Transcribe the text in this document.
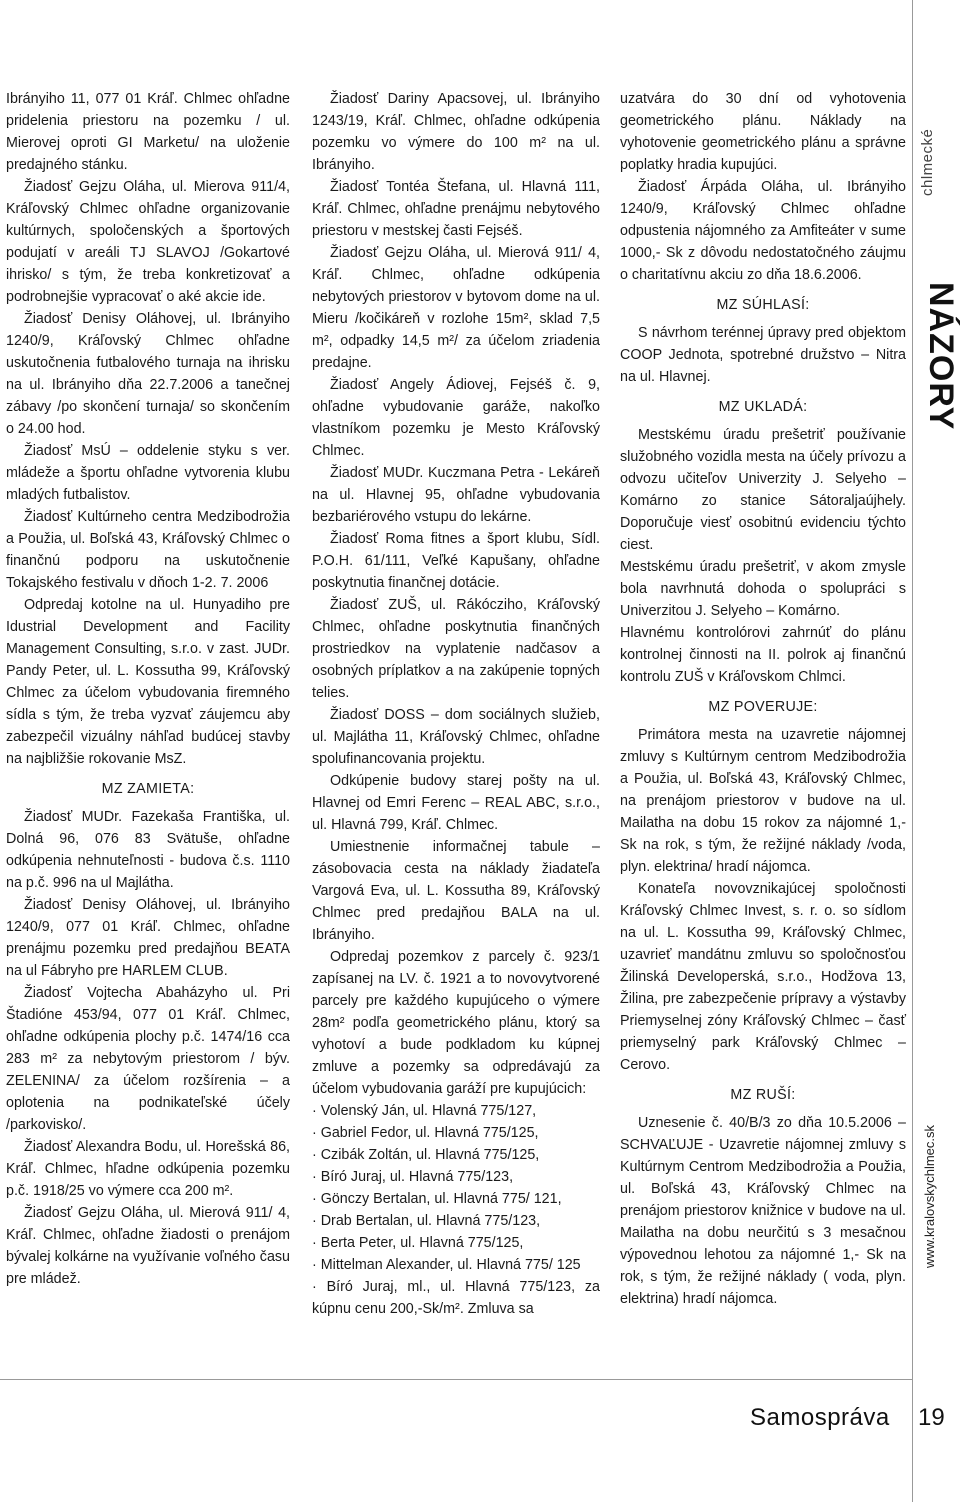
Ibrányiho 11, 077 01 Kráľ. Chlmec ohľadne pridelenia priestoru na pozemku / ul. Mierovej oproti GI Marketu/ na uloženie predajného stánku.

Žiadosť Gejzu Oláha, ul. Mierova 911/4, Kráľovský Chlmec ohľadne organizovanie kultúrnych, spoločenských a športových podujatí v areáli TJ SLAVOJ /Gokartové ihrisko/ s tým, že treba konkretizovať a podrobnejšie vypracovať o aké akcie ide.

Žiadosť Denisy Oláhovej, ul. Ibrányiho 1240/9, Kráľovský Chlmec ohľadne uskutočnenia futbalového turnaja na ihrisku na ul. Ibrányiho dňa 22.7.2006 a tanečnej zábavy /po skončení turnaja/ so skončením o 24.00 hod.

Žiadosť MsÚ – oddelenie styku s ver. mládeže a športu ohľadne vytvorenia klubu mladých futbalistov.

Žiadosť Kultúrneho centra Medzibodrožia a Použia, ul. Boľská 43, Kráľovský Chlmec o finančnú podporu na uskutočnenie Tokajského festivalu v dňoch 1-2. 7. 2006

Odpredaj kotolne na ul. Hunyadiho pre Idustrial Development and Facility Management Consulting, s.r.o. v zast. JUDr. Pandy Peter, ul. L. Kossutha 99, Kráľovský Chlmec za účelom vybudovania firemného sídla s tým, že treba vyzvať záujemcu aby zabezpečil vizuálny náhľad budúcej stavby na najbližšie rokovanie MsZ.

MZ ZAMIETA:

Žiadosť MUDr. Fazekaša Františka, ul. Dolná 96, 076 83 Svätuše, ohľadne odkúpenia nehnuteľnosti - budova č.s. 1110 na p.č. 996 na ul Majlátha.

Žiadosť Denisy Oláhovej, ul. Ibrányiho 1240/9, 077 01 Kráľ. Chlmec, ohľadne prenájmu pozemku pred predajňou BEATA na ul Fábryho pre HARLEM CLUB.

Žiadosť Vojtecha Abaházyho ul. Pri Štadióne 453/94, 077 01 Kráľ. Chlmec, ohľadne odkúpenia plochy p.č. 1474/16 cca 283 m² za nebytovým priestorom / býv. ZELENINA/ za účelom rozšírenia – a oplotenia na podnikateľské účely /parkovisko/.

Žiadosť Alexandra Bodu, ul. Horešská 86, Kráľ. Chlmec, hľadne odkúpenia pozemku p.č. 1918/25 vo výmere cca 200 m².

Žiadosť Gejzu Oláha, ul. Mierová 911/ 4, Kráľ. Chlmec, ohľadne žiadosti o prenájom bývalej kolkárne na využívanie voľného času pre mládež.

Žiadosť Dariny Apacsovej, ul. Ibrányiho 1243/19, Kráľ. Chlmec, ohľadne odkúpenia pozemku vo výmere do 100 m² na ul. Ibrányiho.

Žiadosť Tontéa Štefana, ul. Hlavná 111, Kráľ. Chlmec, ohľadne prenájmu nebytového priestoru v mestskej časti Fejséš.

Žiadosť Gejzu Oláha, ul. Mierová 911/ 4, Kráľ. Chlmec, ohľadne odkúpenia nebytových priestorov v bytovom dome na ul. Mieru /kočikáreň v rozlohe 15m², sklad 7,5 m², odpadky 14,5 m²/ za účelom zriadenia predajne.

Žiadosť Angely Ádiovej, Fejséš č. 9, ohľadne vybudovanie garáže, nakoľko vlastníkom pozemku je Mesto Kráľovský Chlmec.

Žiadosť MUDr. Kuczmana Petra - Lekáreň na ul. Hlavnej 95, ohľadne vybudovania bezbariérového vstupu do lekárne.

Žiadosť Roma fitnes a šport klubu, Sídl. P.O.H. 61/111, Veľké Kapušany, ohľadne poskytnutia finančnej dotácie.

Žiadosť ZUŠ, ul. Rákócziho, Kráľovský Chlmec, ohľadne poskytnutia finančných prostriedkov na vyplatenie nadčasov a osobných príplatkov a na zakúpenie topných telies.

Žiadosť DOSS – dom sociálnych služieb, ul. Majlátha 11, Kráľovský Chlmec, ohľadne spolufinancovania projektu.

Odkúpenie budovy starej pošty na ul. Hlavnej od Emri Ferenc – REAL ABC, s.r.o., ul. Hlavná 799, Kráľ. Chlmec.

Umiestnenie informačnej tabule – zásobovacia cesta na náklady žiadateľa Vargová Eva, ul. L. Kossutha 89, Kráľovský Chlmec pred predajňou BALA na ul. Ibrányiho.

Odpredaj pozemkov z parcely č. 923/1 zapísanej na LV. č. 1921 a to novovytvorené parcely pre každého kupujúceho o výmere 28m² podľa geometrického plánu, ktorý sa vyhotoví a bude podkladom ku kúpnej zmluve a pozemky sa odpredávajú za účelom vybudovania garáží pre kupujúcich:

· Volenský Ján, ul. Hlavná 775/127,

· Gabriel Fedor, ul. Hlavná 775/125,

· Czibák Zoltán, ul. Hlavná 775/125,

· Bíró Juraj, ul. Hlavná 775/123,

· Gönczy Bertalan, ul. Hlavná 775/ 121,

· Drab Bertalan, ul. Hlavná 775/123,

· Berta Peter, ul. Hlavná 775/125,

· Mittelman Alexander, ul. Hlavná 775/ 125

· Bíró Juraj, ml., ul. Hlavná 775/123, za kúpnu cenu 200,-Sk/m². Zmluva sa

uzatvára do 30 dní od vyhotovenia geometrického plánu. Náklady na vyhotovenie geometrického plánu a správne poplatky hradia kupujúci.

Žiadosť Árpáda Oláha, ul. Ibrányiho 1240/9, Kráľovský Chlmec ohľadne odpustenia nájomného za Amfiteáter v sume 1000,- Sk z dôvodu nedostatočného záujmu o charitatívnu akciu zo dňa 18.6.2006.

MZ SÚHLASÍ:

S návrhom terénnej úpravy pred objektom COOP Jednota, spotrebné družstvo – Nitra na ul. Hlavnej.

MZ UKLADÁ:

Mestskému úradu prešetriť používanie služobného vozidla mesta na účely prívozu a odvozu učiteľov Univerzity J. Selyeho – Komárno zo stanice Sátoraljaújhely. Doporučuje viesť osobitnú evidenciu týchto ciest.

Mestskému úradu prešetriť, v akom zmysle bola navrhnutá dohoda o spolupráci s Univerzitou J. Selyeho – Komárno.

Hlavnému kontrolórovi zahrnúť do plánu kontrolnej činnosti na II. polrok aj finančnú kontrolu ZUŠ v Kráľovskom Chlmci.

MZ POVERUJE:

Primátora mesta na uzavretie nájomnej zmluvy s Kultúrnym centrom Medzibodrožia a Použia, ul. Boľská 43, Kráľovský Chlmec, na prenájom priestorov v budove na ul. Mailatha na dobu 15 rokov za nájomné 1,- Sk na rok, s tým, že režijné náklady /voda, plyn. elektrina/ hradí nájomca.

Konateľa novovznikajúcej spoločnosti Kráľovský Chlmec Invest, s. r. o. so sídlom na ul. L. Kossutha 99, Kráľovský Chlmec, uzavrieť mandátnu zmluvu so spoločnosťou Žilinská Developerská, s.r.o., Hodžova 13, Žilina, pre zabezpečenie prípravy a výstavby Priemyselnej zóny Kráľovský Chlmec – časť priemyselný park Kráľovský Chlmec – Cerovo.

MZ RUŠÍ:

Uznesenie č. 40/B/3 zo dňa 10.5.2006 – SCHVAĽUJE - Uzavretie nájomnej zmluvy s Kultúrnym Centrom Medzibodrožia a Použia, ul. Boľská 43, Kráľovský Chlmec na prenájom priestorov knižnice v budove na ul. Mailatha na dobu neurčitú s 3 mesačnou výpovednou lehotou za nájomné 1,- Sk na rok, s tým, že režijné náklady ( voda, plyn. elektrina) hradí nájomca.

chlmecké
NÁZORY
www.kralovskychlmec.sk
Samospráva 19
